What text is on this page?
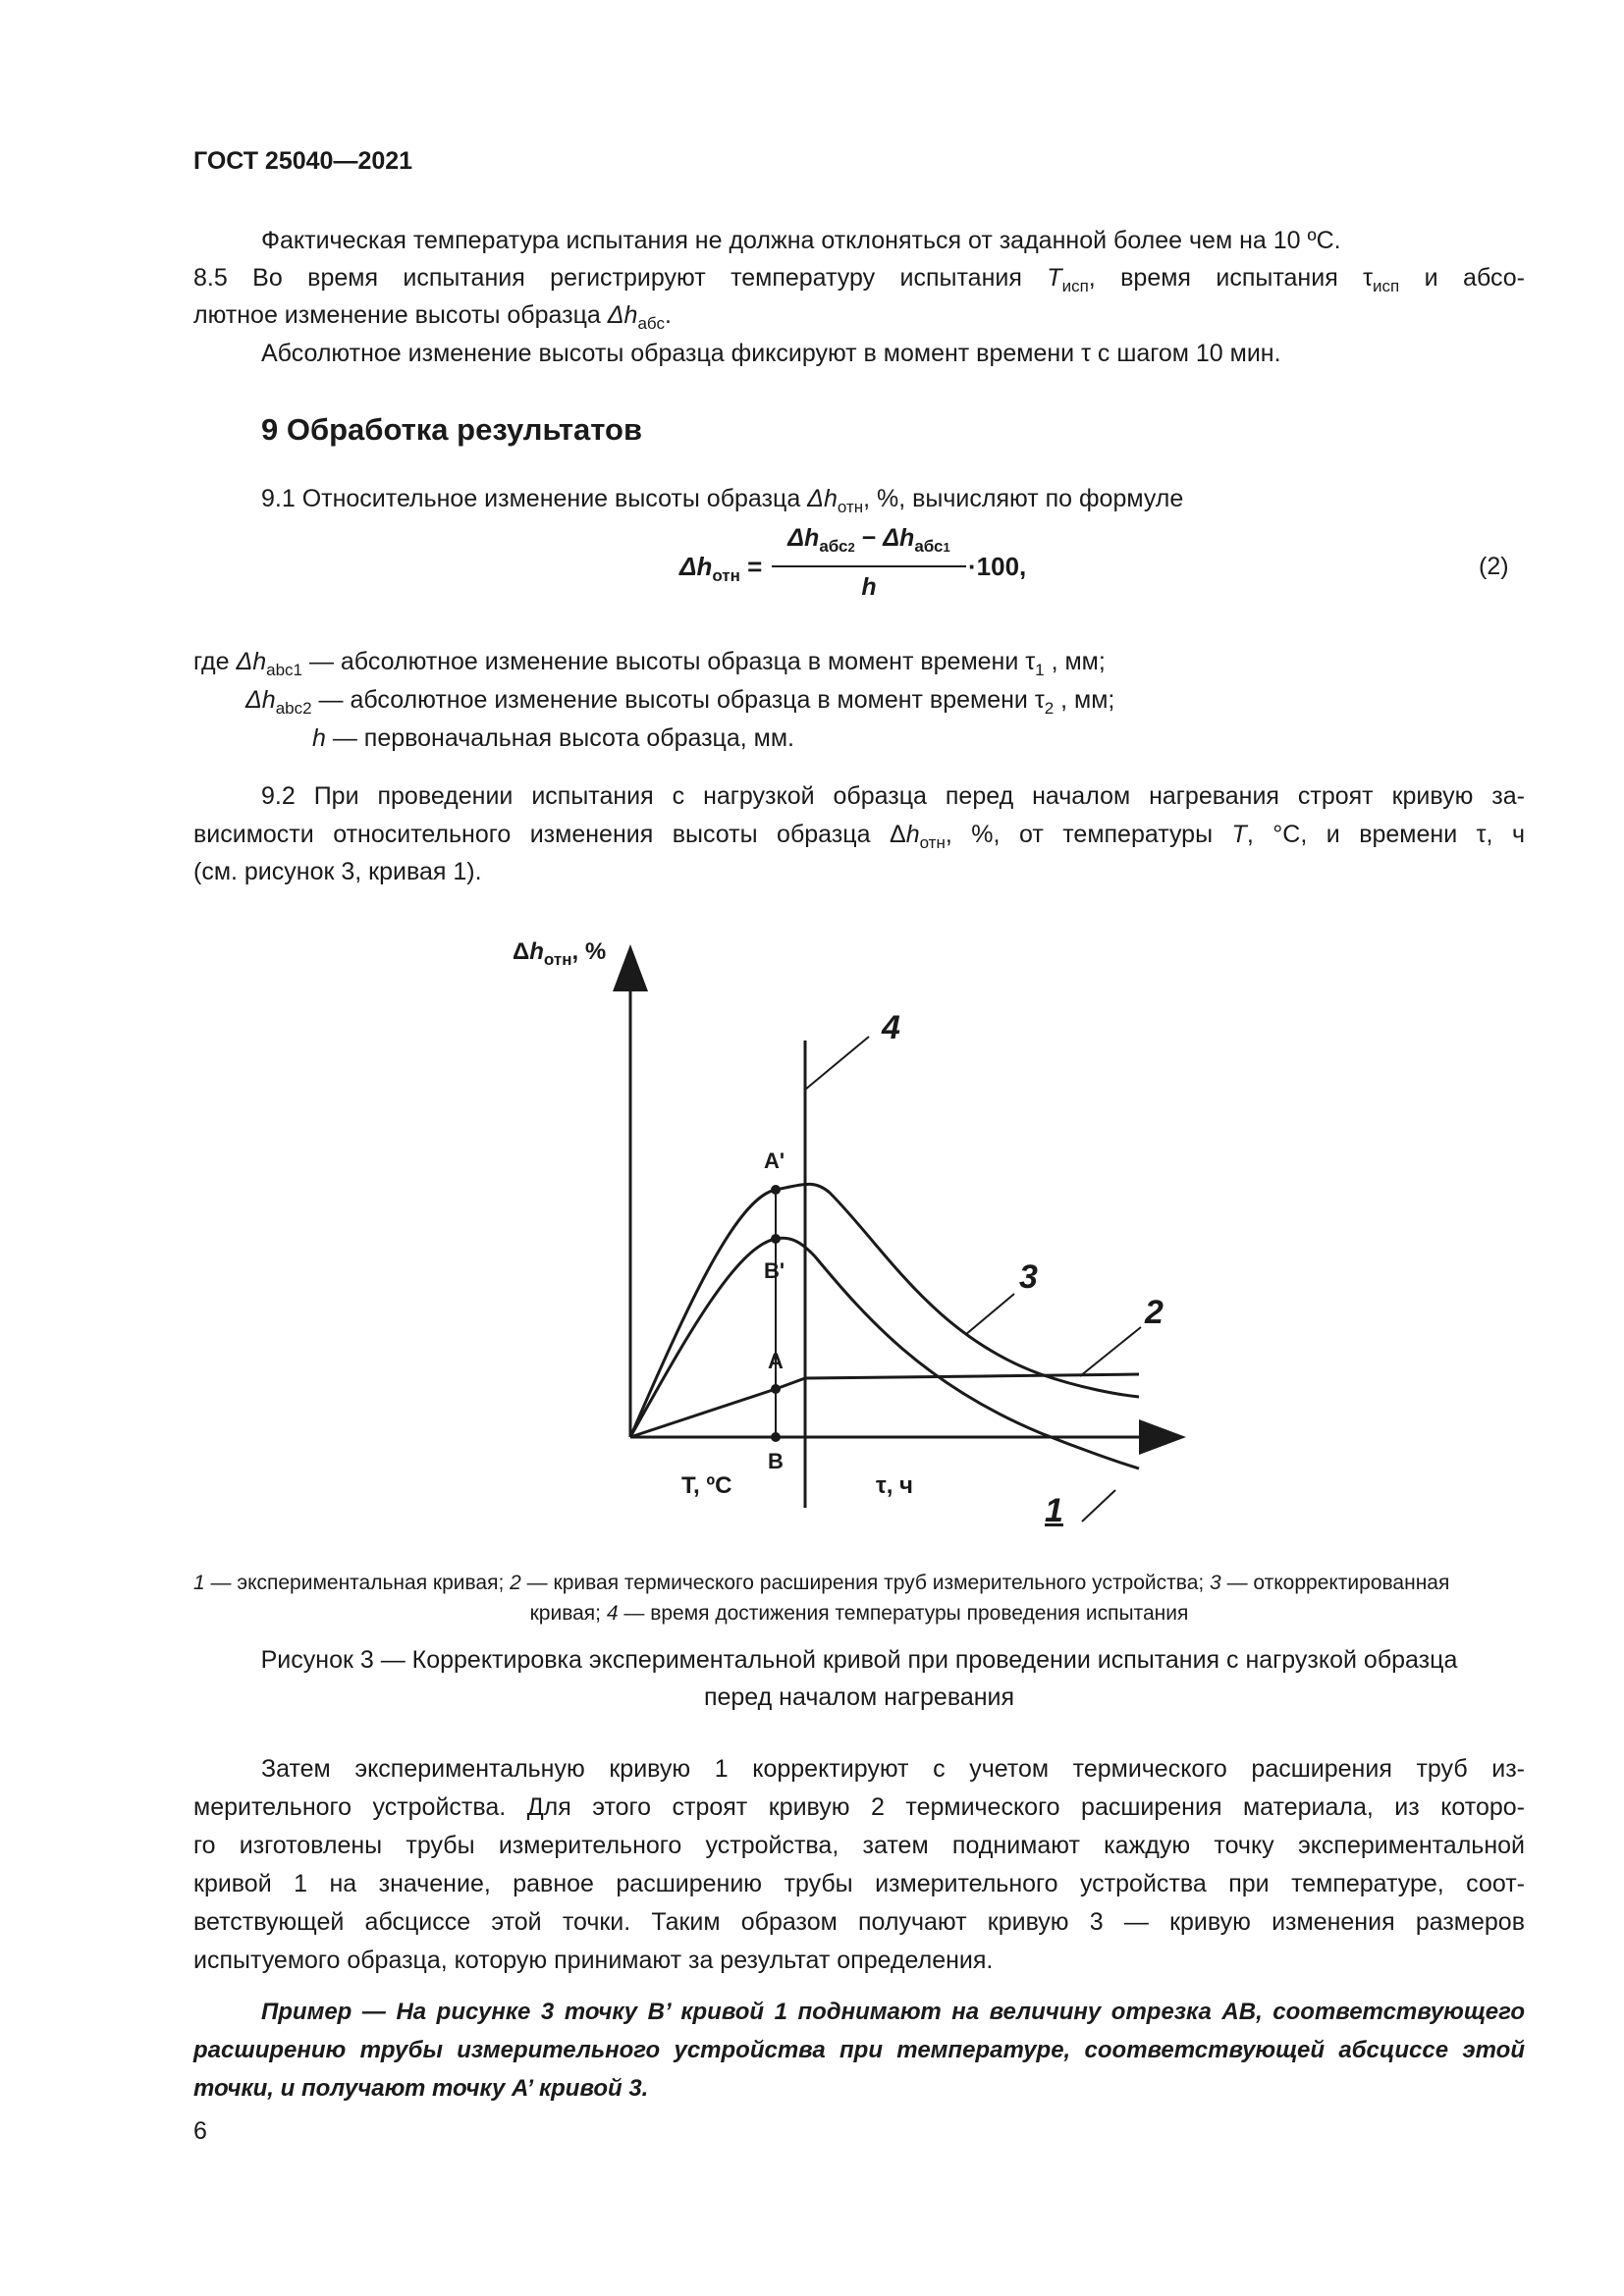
ГОСТ 25040—2021
Фактическая температура испытания не должна отклоняться от заданной более чем на 10 ºС.
8.5 Во время испытания регистрируют температуру испытания $T_{исп}$, время испытания $\tau_{исп}$ и абсо-
лютное изменение высоты образца $\Delta h_{абс}$.
Абсолютное изменение высоты образца фиксируют в момент времени τ с шагом 10 мин.
9 Обработка результатов
9.1 Относительное изменение высоты образца $\Delta h_{отн}$, %, вычисляют по формуле
$\Delta h_{отн}$ =
$\Delta h_{абс2} - \Delta h_{абс1}$
h
·100,	(2)
где $\Delta h_{abc1}$ — абсолютное изменение высоты образца в момент времени $\tau_1$ , мм;
$\Delta h_{abc2}$ — абсолютное изменение высоты образца в момент времени $\tau_2$ , мм;
h — первоначальная высота образца, мм.
9.2 При проведении испытания с нагрузкой образца перед началом нагревания строят кривую за-
висимости относительного изменения высоты образца $\Delta h_{отн}$, %, от температуры T, °С, и времени τ, ч
(см. рисунок 3, кривая 1).
$\Delta h_{отн}$, %
T, ºC	τ, ч
4
3
2
1
A'
B'
A
B
1 — экспериментальная кривая; 2 — кривая термического расширения труб измерительного устройства; 3 — откорректированная
кривая; 4 — время достижения температуры проведения испытания
Рисунок 3 — Корректировка экспериментальной кривой при проведении испытания с нагрузкой образца
перед началом нагревания
Затем экспериментальную кривую 1 корректируют с учетом термического расширения труб из-
мерительного устройства. Для этого строят кривую 2 термического расширения материала, из которо-
го изготовлены трубы измерительного устройства, затем поднимают каждую точку экспериментальной
кривой 1 на значение, равное расширению трубы измерительного устройства при температуре, соот-
ветствующей абсциссе этой точки. Таким образом получают кривую 3 — кривую изменения размеров
испытуемого образца, которую принимают за результат определения.
Пример — На рисунке 3 точку В’ кривой 1 поднимают на величину отрезка АВ, соответствующего
расширению трубы измерительного устройства при температуре, соответствующей абсциссе этой
точки, и получают точку А’ кривой 3.
6
